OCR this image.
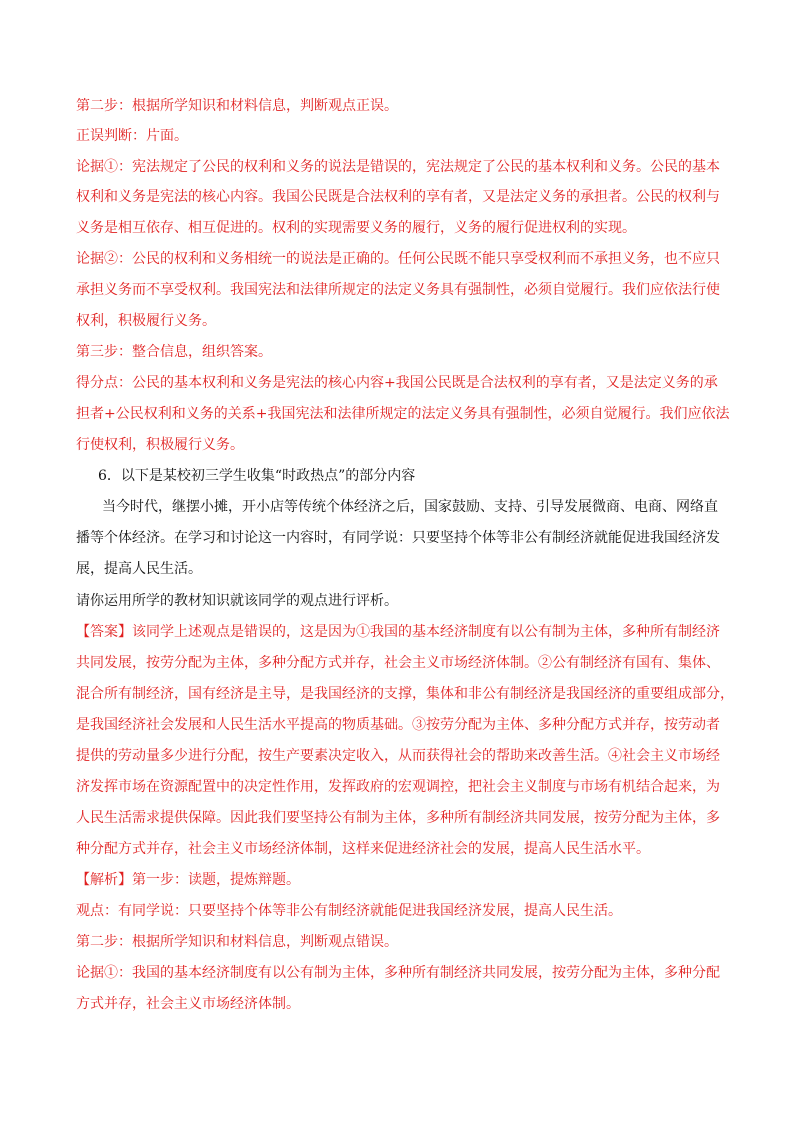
第二步：根据所学知识和材料信息，判断观点正误。
正误判断：片面。
论据①：宪法规定了公民的权利和义务的说法是错误的，宪法规定了公民的基本权利和义务。公民的基本
权利和义务是宪法的核心内容。我国公民既是合法权利的享有者，又是法定义务的承担者。公民的权利与
义务是相互依存、相互促进的。权利的实现需要义务的履行，义务的履行促进权利的实现。
论据②：公民的权利和义务相统一的说法是正确的。任何公民既不能只享受权利而不承担义务，也不应只
承担义务而不享受权利。我国宪法和法律所规定的法定义务具有强制性，必须自觉履行。我们应依法行使
权利，积极履行义务。
第三步：整合信息，组织答案。
得分点：公民的基本权利和义务是宪法的核心内容+我国公民既是合法权利的享有者，又是法定义务的承
担者+公民权利和义务的关系+我国宪法和法律所规定的法定义务具有强制性，必须自觉履行。我们应依法
行使权利，积极履行义务。
6．以下是某校初三学生收集“时政热点”的部分内容
当今时代，继摆小摊，开小店等传统个体经济之后，国家鼓励、支持、引导发展微商、电商、网络直
播等个体经济。在学习和讨论这一内容时，有同学说：只要坚持个体等非公有制经济就能促进我国经济发
展，提高人民生活。
请你运用所学的教材知识就该同学的观点进行评析。
【答案】该同学上述观点是错误的，这是因为①我国的基本经济制度有以公有制为主体，多种所有制经济
共同发展，按劳分配为主体，多种分配方式并存，社会主义市场经济体制。②公有制经济有国有、集体、
混合所有制经济，国有经济是主导，是我国经济的支撑，集体和非公有制经济是我国经济的重要组成部分，
是我国经济社会发展和人民生活水平提高的物质基础。③按劳分配为主体、多种分配方式并存，按劳动者
提供的劳动量多少进行分配，按生产要素决定收入，从而获得社会的帮助来改善生活。④社会主义市场经
济发挥市场在资源配置中的决定性作用，发挥政府的宏观调控，把社会主义制度与市场有机结合起来，为
人民生活需求提供保障。因此我们要坚持公有制为主体，多种所有制经济共同发展，按劳分配为主体，多
种分配方式并存，社会主义市场经济体制，这样来促进经济社会的发展，提高人民生活水平。
【解析】第一步：读题，提炼辩题。
观点：有同学说：只要坚持个体等非公有制经济就能促进我国经济发展，提高人民生活。
第二步：根据所学知识和材料信息，判断观点错误。
论据①：我国的基本经济制度有以公有制为主体，多种所有制经济共同发展，按劳分配为主体，多种分配
方式并存，社会主义市场经济体制。
